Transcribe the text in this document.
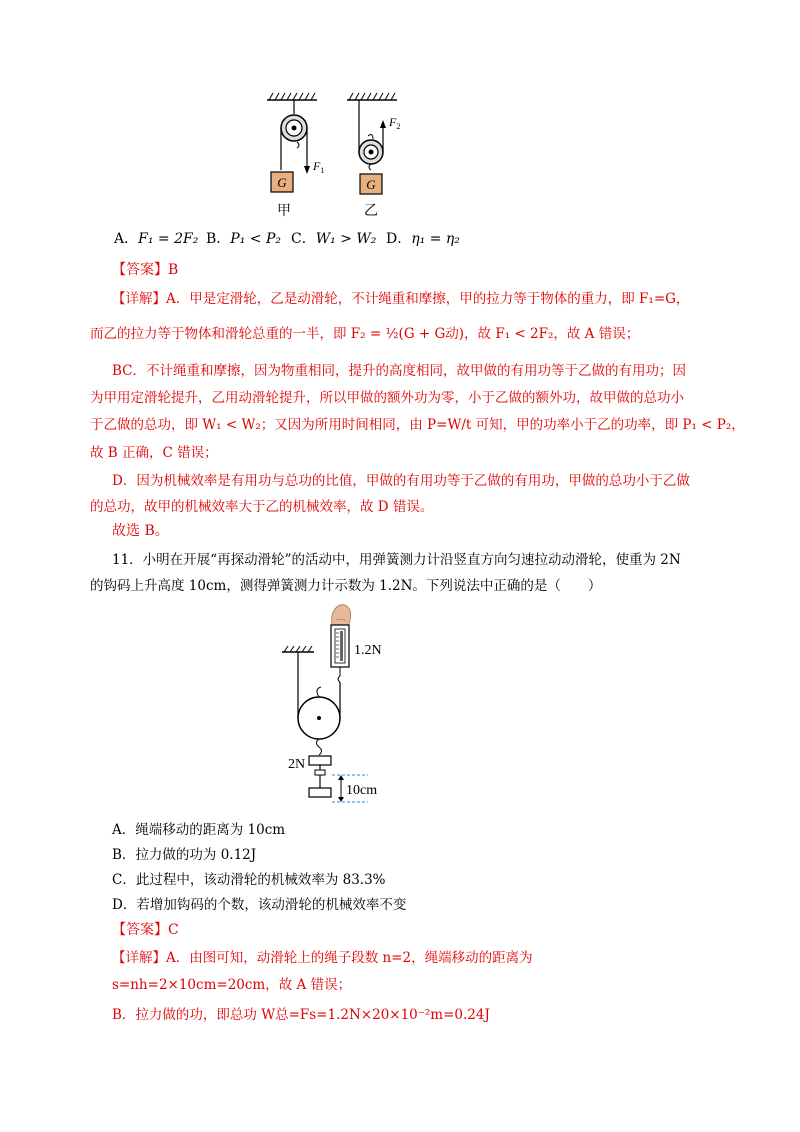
G
$F_1$
甲
$F_2$
G
乙
A．F₁ = 2F₂ B．P₁ < P₂ C．W₁ > W₂ D．η₁ = η₂
【答案】B
【详解】A．甲是定滑轮，乙是动滑轮，不计绳重和摩擦，甲的拉力等于物体的重力，即 F₁=G，
而乙的拉力等于物体和滑轮总重的一半，即 F₂ = ½(G + G动)，故 F₁ < 2F₂，故 A 错误；
BC．不计绳重和摩擦，因为物重相同，提升的高度相同，故甲做的有用功等于乙做的有用功；因
为甲用定滑轮提升，乙用动滑轮提升，所以甲做的额外功为零，小于乙做的额外功，故甲做的总功小
于乙做的总功，即 W₁ < W₂；又因为所用时间相同，由 P=W/t 可知，甲的功率小于乙的功率，即 P₁ < P₂，
故 B 正确，C 错误；
D．因为机械效率是有用功与总功的比值，甲做的有用功等于乙做的有用功，甲做的总功小于乙做
的总功，故甲的机械效率大于乙的机械效率，故 D 错误。
故选 B。
11．小明在开展“再探动滑轮”的活动中，用弹簧测力计沿竖直方向匀速拉动动滑轮，使重为 2N
的钩码上升高度 10cm，测得弹簧测力计示数为 1.2N。下列说法中正确的是（　　）
1.2N
2N
10cm
A．绳端移动的距离为 10cm
B．拉力做的功为 0.12J
C．此过程中，该动滑轮的机械效率为 83.3%
D．若增加钩码的个数，该动滑轮的机械效率不变
【答案】C
【详解】A．由图可知，动滑轮上的绳子段数 n=2，绳端移动的距离为
s=nh=2×10cm=20cm，故 A 错误；
B．拉力做的功，即总功 W总=Fs=1.2N×20×10⁻²m=0.24J
